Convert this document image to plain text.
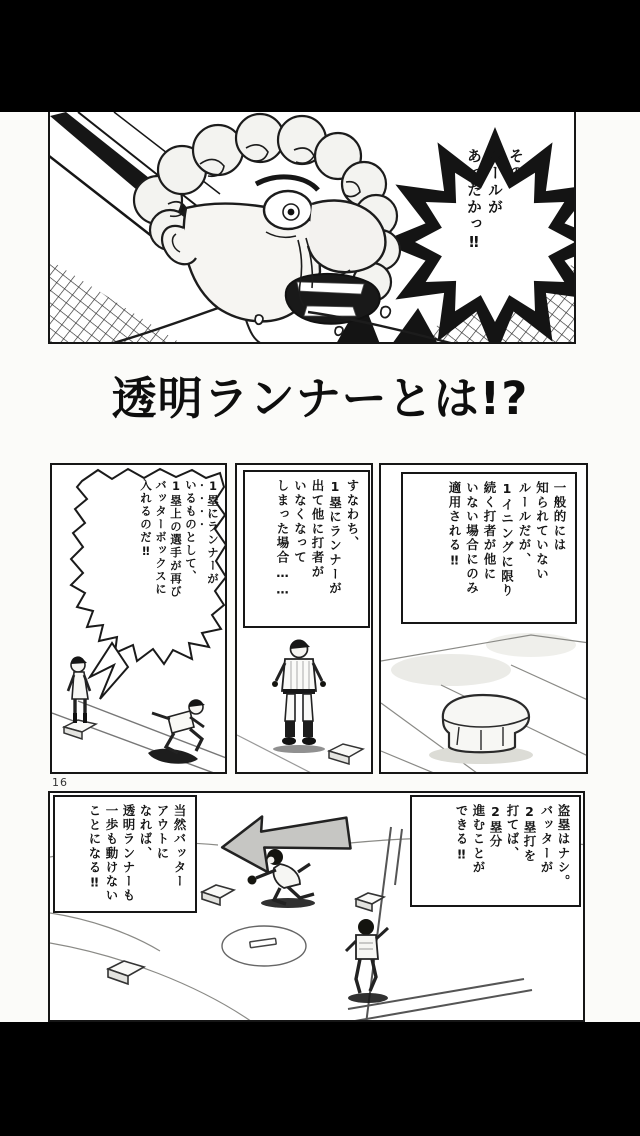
その
ルールが
あったかっ‼
透明ランナーとは!?
1塁にランナーが
いるものとして、
1塁上の選手が再び
バッターボックスに
入れるのだ‼	すなわち、
1塁にランナーが
出て他に打者が
いなくなって
しまった場合……	一般的には
知られていない
ルールだが、
1イニングに限り
続く打者が他に
いない場合にのみ
適用される‼
16
当然バッター
アウトに
なれば、
透明ランナーも
一歩も動けない
ことになる‼	盗塁はナシ。
バッターが
2塁打を
打てば、
2塁分
進むことが
できる‼
